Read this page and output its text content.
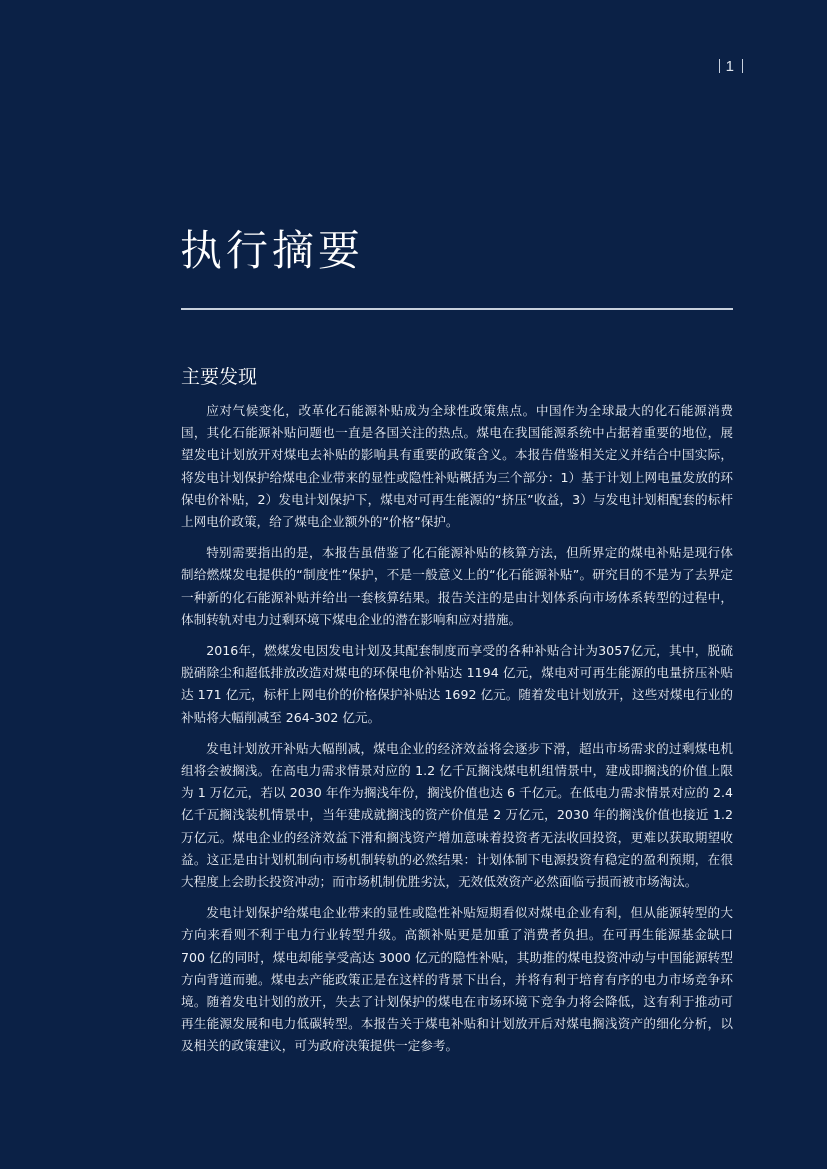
1
执行摘要
主要发现

应对气候变化，改革化石能源补贴成为全球性政策焦点。中国作为全球最大的化石能源消费国，其化石能源补贴问题也一直是各国关注的热点。煤电在我国能源系统中占据着重要的地位，展望发电计划放开对煤电去补贴的影响具有重要的政策含义。本报告借鉴相关定义并结合中国实际，将发电计划保护给煤电企业带来的显性或隐性补贴概括为三个部分：1）基于计划上网电量发放的环保电价补贴，2）发电计划保护下，煤电对可再生能源的“挤压”收益，3）与发电计划相配套的标杆上网电价政策，给了煤电企业额外的“价格”保护。

特别需要指出的是，本报告虽借鉴了化石能源补贴的核算方法，但所界定的煤电补贴是现行体制给燃煤发电提供的“制度性”保护，不是一般意义上的“化石能源补贴”。研究目的不是为了去界定一种新的化石能源补贴并给出一套核算结果。报告关注的是由计划体系向市场体系转型的过程中，体制转轨对电力过剩环境下煤电企业的潜在影响和应对措施。

2016年，燃煤发电因发电计划及其配套制度而享受的各种补贴合计为3057亿元，其中，脱硫脱硝除尘和超低排放改造对煤电的环保电价补贴达 1194 亿元，煤电对可再生能源的电量挤压补贴达 171 亿元，标杆上网电价的价格保护补贴达 1692 亿元。随着发电计划放开，这些对煤电行业的补贴将大幅削减至 264-302 亿元。

发电计划放开补贴大幅削减，煤电企业的经济效益将会逐步下滑，超出市场需求的过剩煤电机组将会被搁浅。在高电力需求情景对应的 1.2 亿千瓦搁浅煤电机组情景中，建成即搁浅的价值上限为 1 万亿元，若以 2030 年作为搁浅年份，搁浅价值也达 6 千亿元。在低电力需求情景对应的 2.4 亿千瓦搁浅装机情景中，当年建成就搁浅的资产价值是 2 万亿元，2030 年的搁浅价值也接近 1.2 万亿元。煤电企业的经济效益下滑和搁浅资产增加意味着投资者无法收回投资，更难以获取期望收益。这正是由计划机制向市场机制转轨的必然结果：计划体制下电源投资有稳定的盈利预期，在很大程度上会助长投资冲动；而市场机制优胜劣汰，无效低效资产必然面临亏损而被市场淘汰。

发电计划保护给煤电企业带来的显性或隐性补贴短期看似对煤电企业有利，但从能源转型的大方向来看则不利于电力行业转型升级。高额补贴更是加重了消费者负担。在可再生能源基金缺口 700 亿的同时，煤电却能享受高达 3000 亿元的隐性补贴，其助推的煤电投资冲动与中国能源转型方向背道而驰。煤电去产能政策正是在这样的背景下出台，并将有利于培育有序的电力市场竞争环境。随着发电计划的放开，失去了计划保护的煤电在市场环境下竞争力将会降低，这有利于推动可再生能源发展和电力低碳转型。本报告关于煤电补贴和计划放开后对煤电搁浅资产的细化分析，以及相关的政策建议，可为政府决策提供一定参考。
